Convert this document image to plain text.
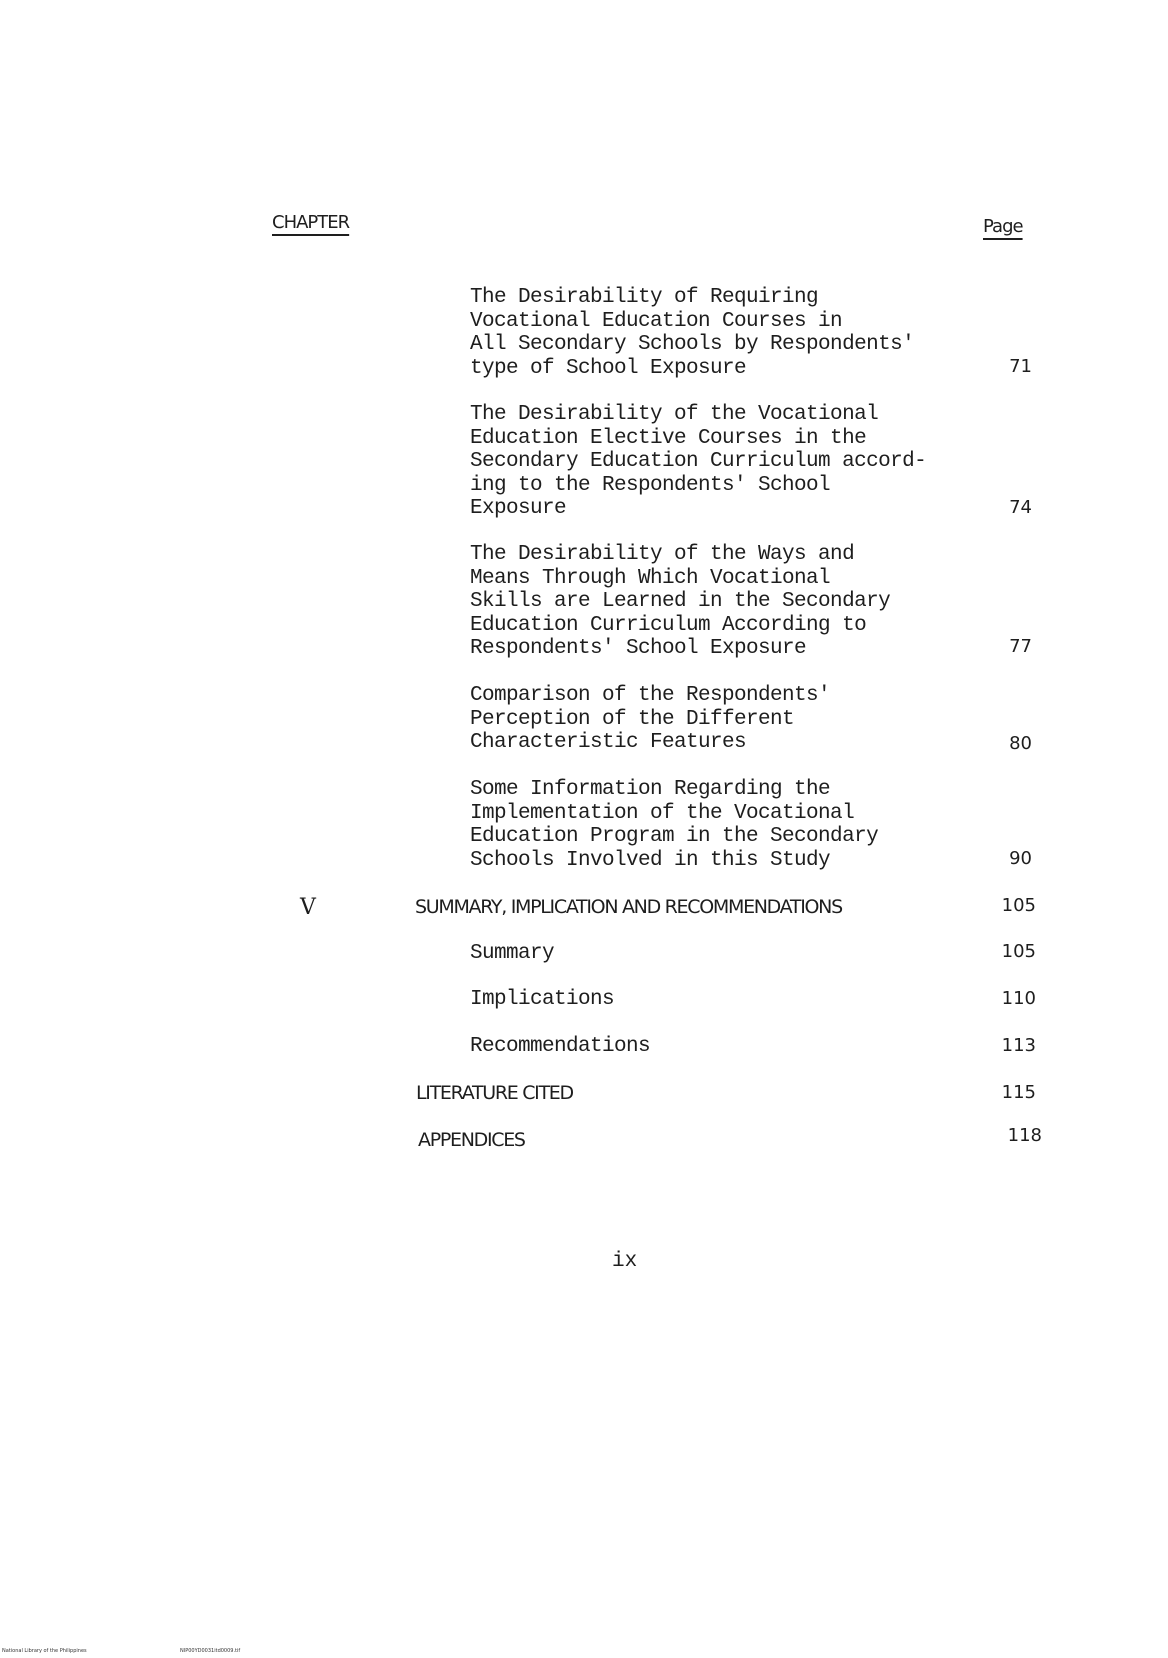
CHAPTER	Page
The Desirability of Requiring
Vocational Education Courses in
All Secondary Schools by Respondents'
type of School Exposure	71
The Desirability of the Vocational
Education Elective Courses in the
Secondary Education Curriculum accord-
ing to the Respondents' School
Exposure	74
The Desirability of the Ways and
Means Through Which Vocational
Skills are Learned in the Secondary
Education Curriculum According to
Respondents' School Exposure	77
Comparison of the Respondents'
Perception of the Different
Characteristic Features	80
Some Information Regarding the
Implementation of the Vocational
Education Program in the Secondary
Schools Involved in this Study	90
V	SUMMARY, IMPLICATION AND RECOMMENDATIONS	105
Summary	105
Implications	110
Recommendations	113
LITERATURE CITED	115
APPENDICES	118
ix
National Library of the Philippines	NIP00YD0031itd0009.tif
